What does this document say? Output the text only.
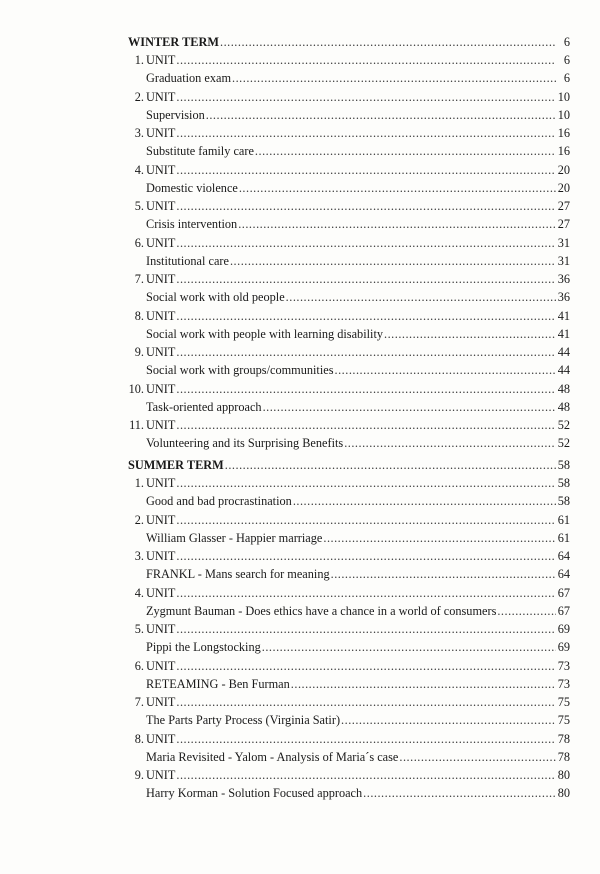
WINTER TERM .....	6
1. UNIT .....	6
Graduation exam .....	6
2. UNIT .....	10
Supervision .....	10
3. UNIT .....	16
Substitute family care .....	16
4. UNIT .....	20
Domestic violence .....	20
5. UNIT .....	27
Crisis intervention .....	27
6. UNIT .....	31
Institutional care .....	31
7. UNIT .....	36
Social work with old people .....	36
8. UNIT .....	41
Social work with people with learning disability .....	41
9. UNIT .....	44
Social work with groups/communities .....	44
10. UNIT .....	48
Task-oriented approach .....	48
11. UNIT .....	52
Volunteering and its Surprising Benefits .....	52
SUMMER TERM .....	58
1. UNIT .....	58
Good and bad procrastination .....	58
2. UNIT .....	61
William Glasser - Happier marriage .....	61
3. UNIT .....	64
FRANKL - Mans search for meaning .....	64
4. UNIT .....	67
Zygmunt Bauman - Does ethics have a chance in a world of consumers .....	67
5. UNIT .....	69
Pippi the Longstocking .....	69
6. UNIT .....	73
RETEAMING - Ben Furman .....	73
7. UNIT .....	75
The Parts Party Process (Virginia Satir) .....	75
8. UNIT .....	78
Maria Revisited - Yalom - Analysis of Maria´s case .....	78
9. UNIT .....	80
Harry Korman - Solution Focused approach .....	80
